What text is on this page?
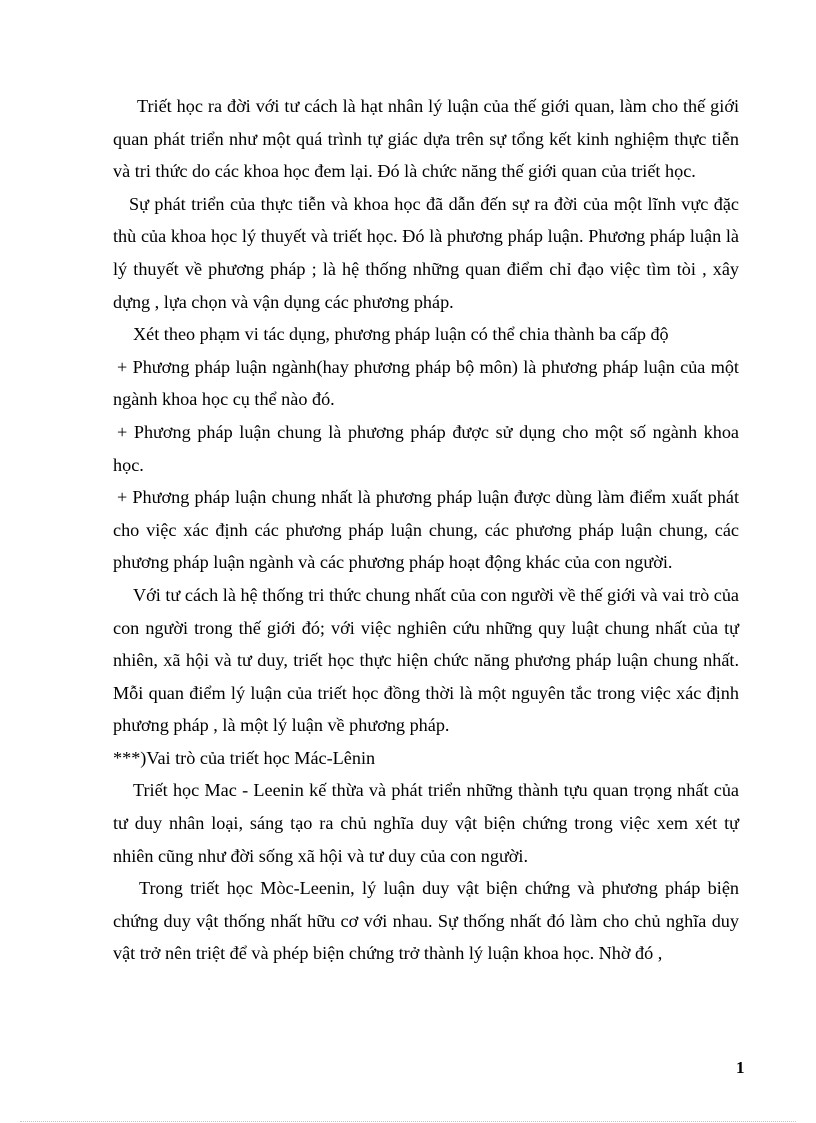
Triết học ra đời với tư cách là hạt nhân lý luận của thế giới quan, làm cho thế giới quan phát triển như một quá trình tự giác dựa trên sự tổng kết kinh nghiệm thực tiễn và tri thức do các khoa học đem lại. Đó là chức năng thế giới quan của triết học.

Sự phát triển của thực tiễn và khoa học đã dẫn đến sự ra đời của một lĩnh vực đặc thù của khoa học lý thuyết và triết học. Đó là phương pháp luận. Phương pháp luận là lý thuyết về phương pháp ; là hệ thống những quan điểm chỉ đạo việc tìm tòi , xây dựng , lựa chọn và vận dụng các phương pháp.

Xét theo phạm vi tác dụng, phương pháp luận có thể chia thành ba cấp độ

+ Phương pháp luận ngành(hay phương pháp bộ môn) là phương pháp luận của một ngành khoa học cụ thể nào đó.

+ Phương pháp luận chung là phương pháp được sử dụng cho một số ngành khoa học.

+ Phương pháp luận chung nhất là phương pháp luận được dùng làm điểm xuất phát cho việc xác định các phương pháp luận chung, các phương pháp luận chung, các phương pháp luận ngành và các phương pháp hoạt động khác của con người.

Với tư cách là hệ thống tri thức chung nhất của con người về thế giới và vai trò của con người trong thế giới đó; với việc nghiên cứu những quy luật chung nhất của tự nhiên, xã hội và tư duy, triết học thực hiện chức năng phương pháp luận chung nhất. Mỗi quan điểm lý luận của triết học đồng thời là một nguyên tắc trong việc xác định phương pháp , là một lý luận về phương pháp.

***)Vai trò của triết học Mác-Lênin

Triết học Mac - Leenin kế thừa và phát triển những thành tựu quan trọng nhất của tư duy nhân loại, sáng tạo ra chủ nghĩa duy vật biện chứng trong việc xem xét tự nhiên cũng như đời sống xã hội và tư duy của con người.

Trong triết học Mòc-Leenin, lý luận duy vật biện chứng và phương pháp biện chứng duy vật thống nhất hữu cơ với nhau. Sự thống nhất đó làm cho chủ nghĩa duy vật trở nên triệt để và phép biện chứng trở thành lý luận khoa học. Nhờ đó ,

1
